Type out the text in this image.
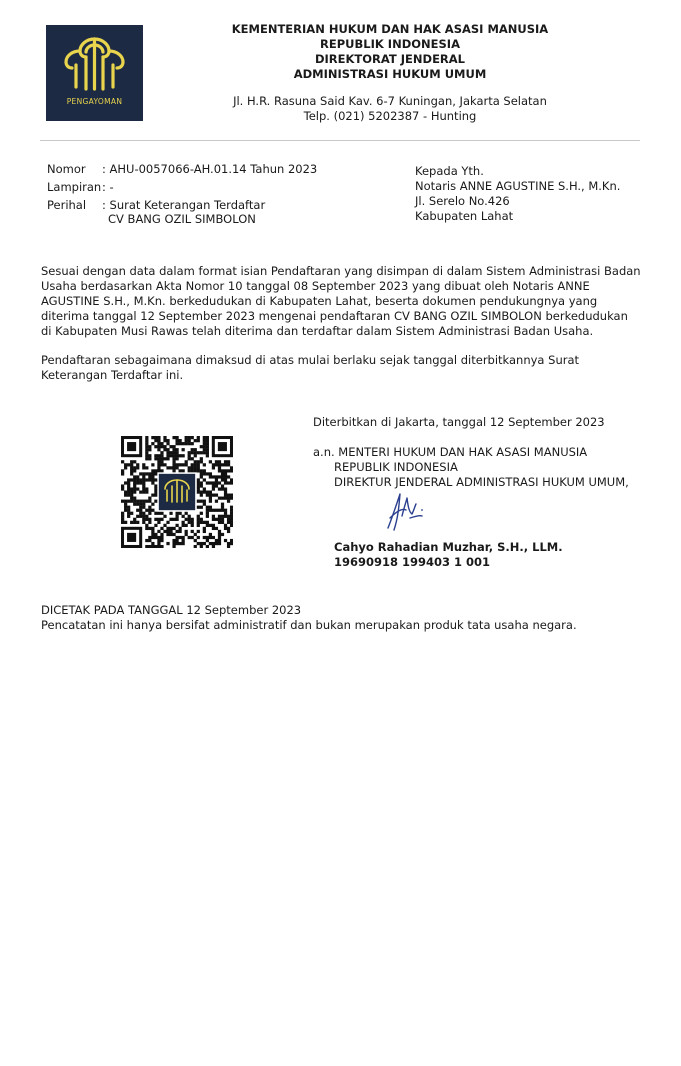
PENGAYOMAN
KEMENTERIAN HUKUM DAN HAK ASASI MANUSIA
REPUBLIK INDONESIA
DIREKTORAT JENDERAL
ADMINISTRASI HUKUM UMUM
Jl. H.R. Rasuna Said Kav. 6-7 Kuningan, Jakarta Selatan
Telp. (021) 5202387 - Hunting
Nomor	: AHU-0057066-AH.01.14 Tahun 2023
Lampiran : -
Perihal	: Surat Keterangan Terdaftar
CV BANG OZIL SIMBOLON
Kepada Yth.
Notaris ANNE AGUSTINE S.H., M.Kn.
Jl. Serelo No.426
Kabupaten Lahat

Sesuai dengan data dalam format isian Pendaftaran yang disimpan di dalam Sistem Administrasi Badan Usaha berdasarkan Akta Nomor 10 tanggal 08 September 2023 yang dibuat oleh Notaris ANNE AGUSTINE S.H., M.Kn. berkedudukan di Kabupaten Lahat, beserta dokumen pendukungnya yang diterima tanggal 12 September 2023 mengenai pendaftaran CV BANG OZIL SIMBOLON berkedudukan di Kabupaten Musi Rawas telah diterima dan terdaftar dalam Sistem Administrasi Badan Usaha.

Pendaftaran sebagaimana dimaksud di atas mulai berlaku sejak tanggal diterbitkannya Surat Keterangan Terdaftar ini.

Diterbitkan di Jakarta, tanggal 12 September 2023
a.n. MENTERI HUKUM DAN HAK ASASI MANUSIA
REPUBLIK INDONESIA
DIREKTUR JENDERAL ADMINISTRASI HUKUM UMUM,
Cahyo Rahadian Muzhar, S.H., LLM.
19690918 199403 1 001
DICETAK PADA TANGGAL 12 September 2023
Pencatatan ini hanya bersifat administratif dan bukan merupakan produk tata usaha negara.
